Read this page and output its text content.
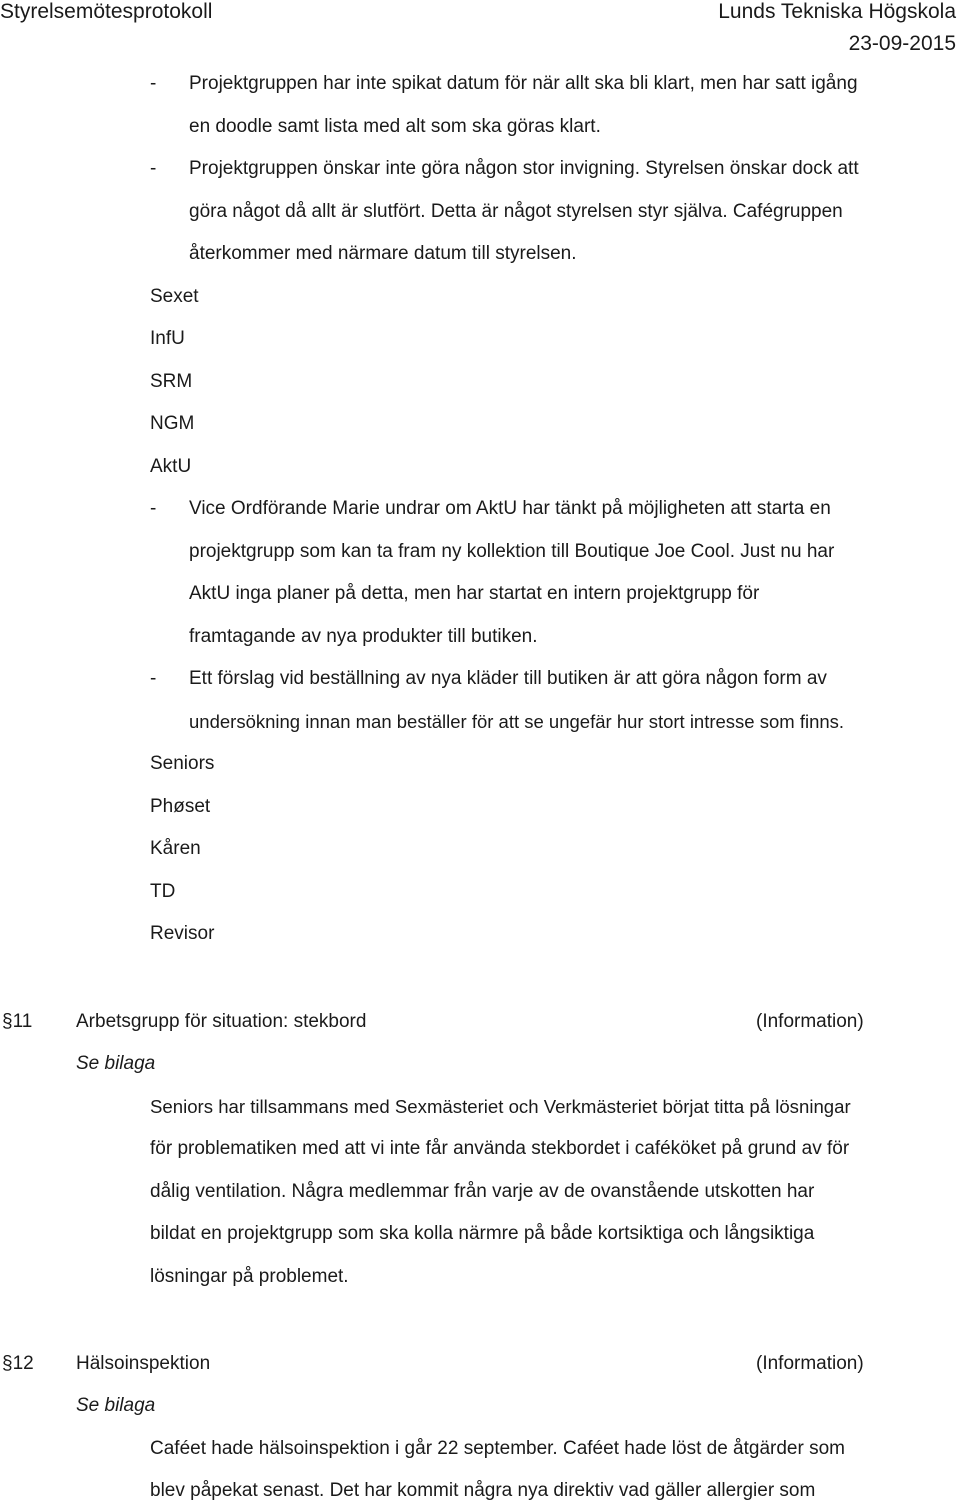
Styrelsemötesprotokoll	Lunds Tekniska Högskola
23-09-2015
- Projektgruppen har inte spikat datum för när allt ska bli klart, men har satt igång
en doodle samt lista med alt som ska göras klart.
- Projektgruppen önskar inte göra någon stor invigning. Styrelsen önskar dock att
göra något då allt är slutfört. Detta är något styrelsen styr själva. Cafégruppen
återkommer med närmare datum till styrelsen.
Sexet
InfU
SRM
NGM
AktU
- Vice Ordförande Marie undrar om AktU har tänkt på möjligheten att starta en
projektgrupp som kan ta fram ny kollektion till Boutique Joe Cool. Just nu har
AktU inga planer på detta, men har startat en intern projektgrupp för
framtagande av nya produkter till butiken.
- Ett förslag vid beställning av nya kläder till butiken är att göra någon form av
undersökning innan man beställer för att se ungefär hur stort intresse som finns.
Seniors
Phøset
Kåren
TD
Revisor
§11 Arbetsgrupp för situation: stekbord	(Information)
Se bilaga
Seniors har tillsammans med Sexmästeriet och Verkmästeriet börjat titta på lösningar
för problematiken med att vi inte får använda stekbordet i caféköket på grund av för
dålig ventilation. Några medlemmar från varje av de ovanstående utskotten har
bildat en projektgrupp som ska kolla närmre på både kortsiktiga och långsiktiga
lösningar på problemet.
§12 Hälsoinspektion	(Information)
Se bilaga
Caféet hade hälsoinspektion i går 22 september. Caféet hade löst de åtgärder som
blev påpekat senast. Det har kommit några nya direktiv vad gäller allergier som
